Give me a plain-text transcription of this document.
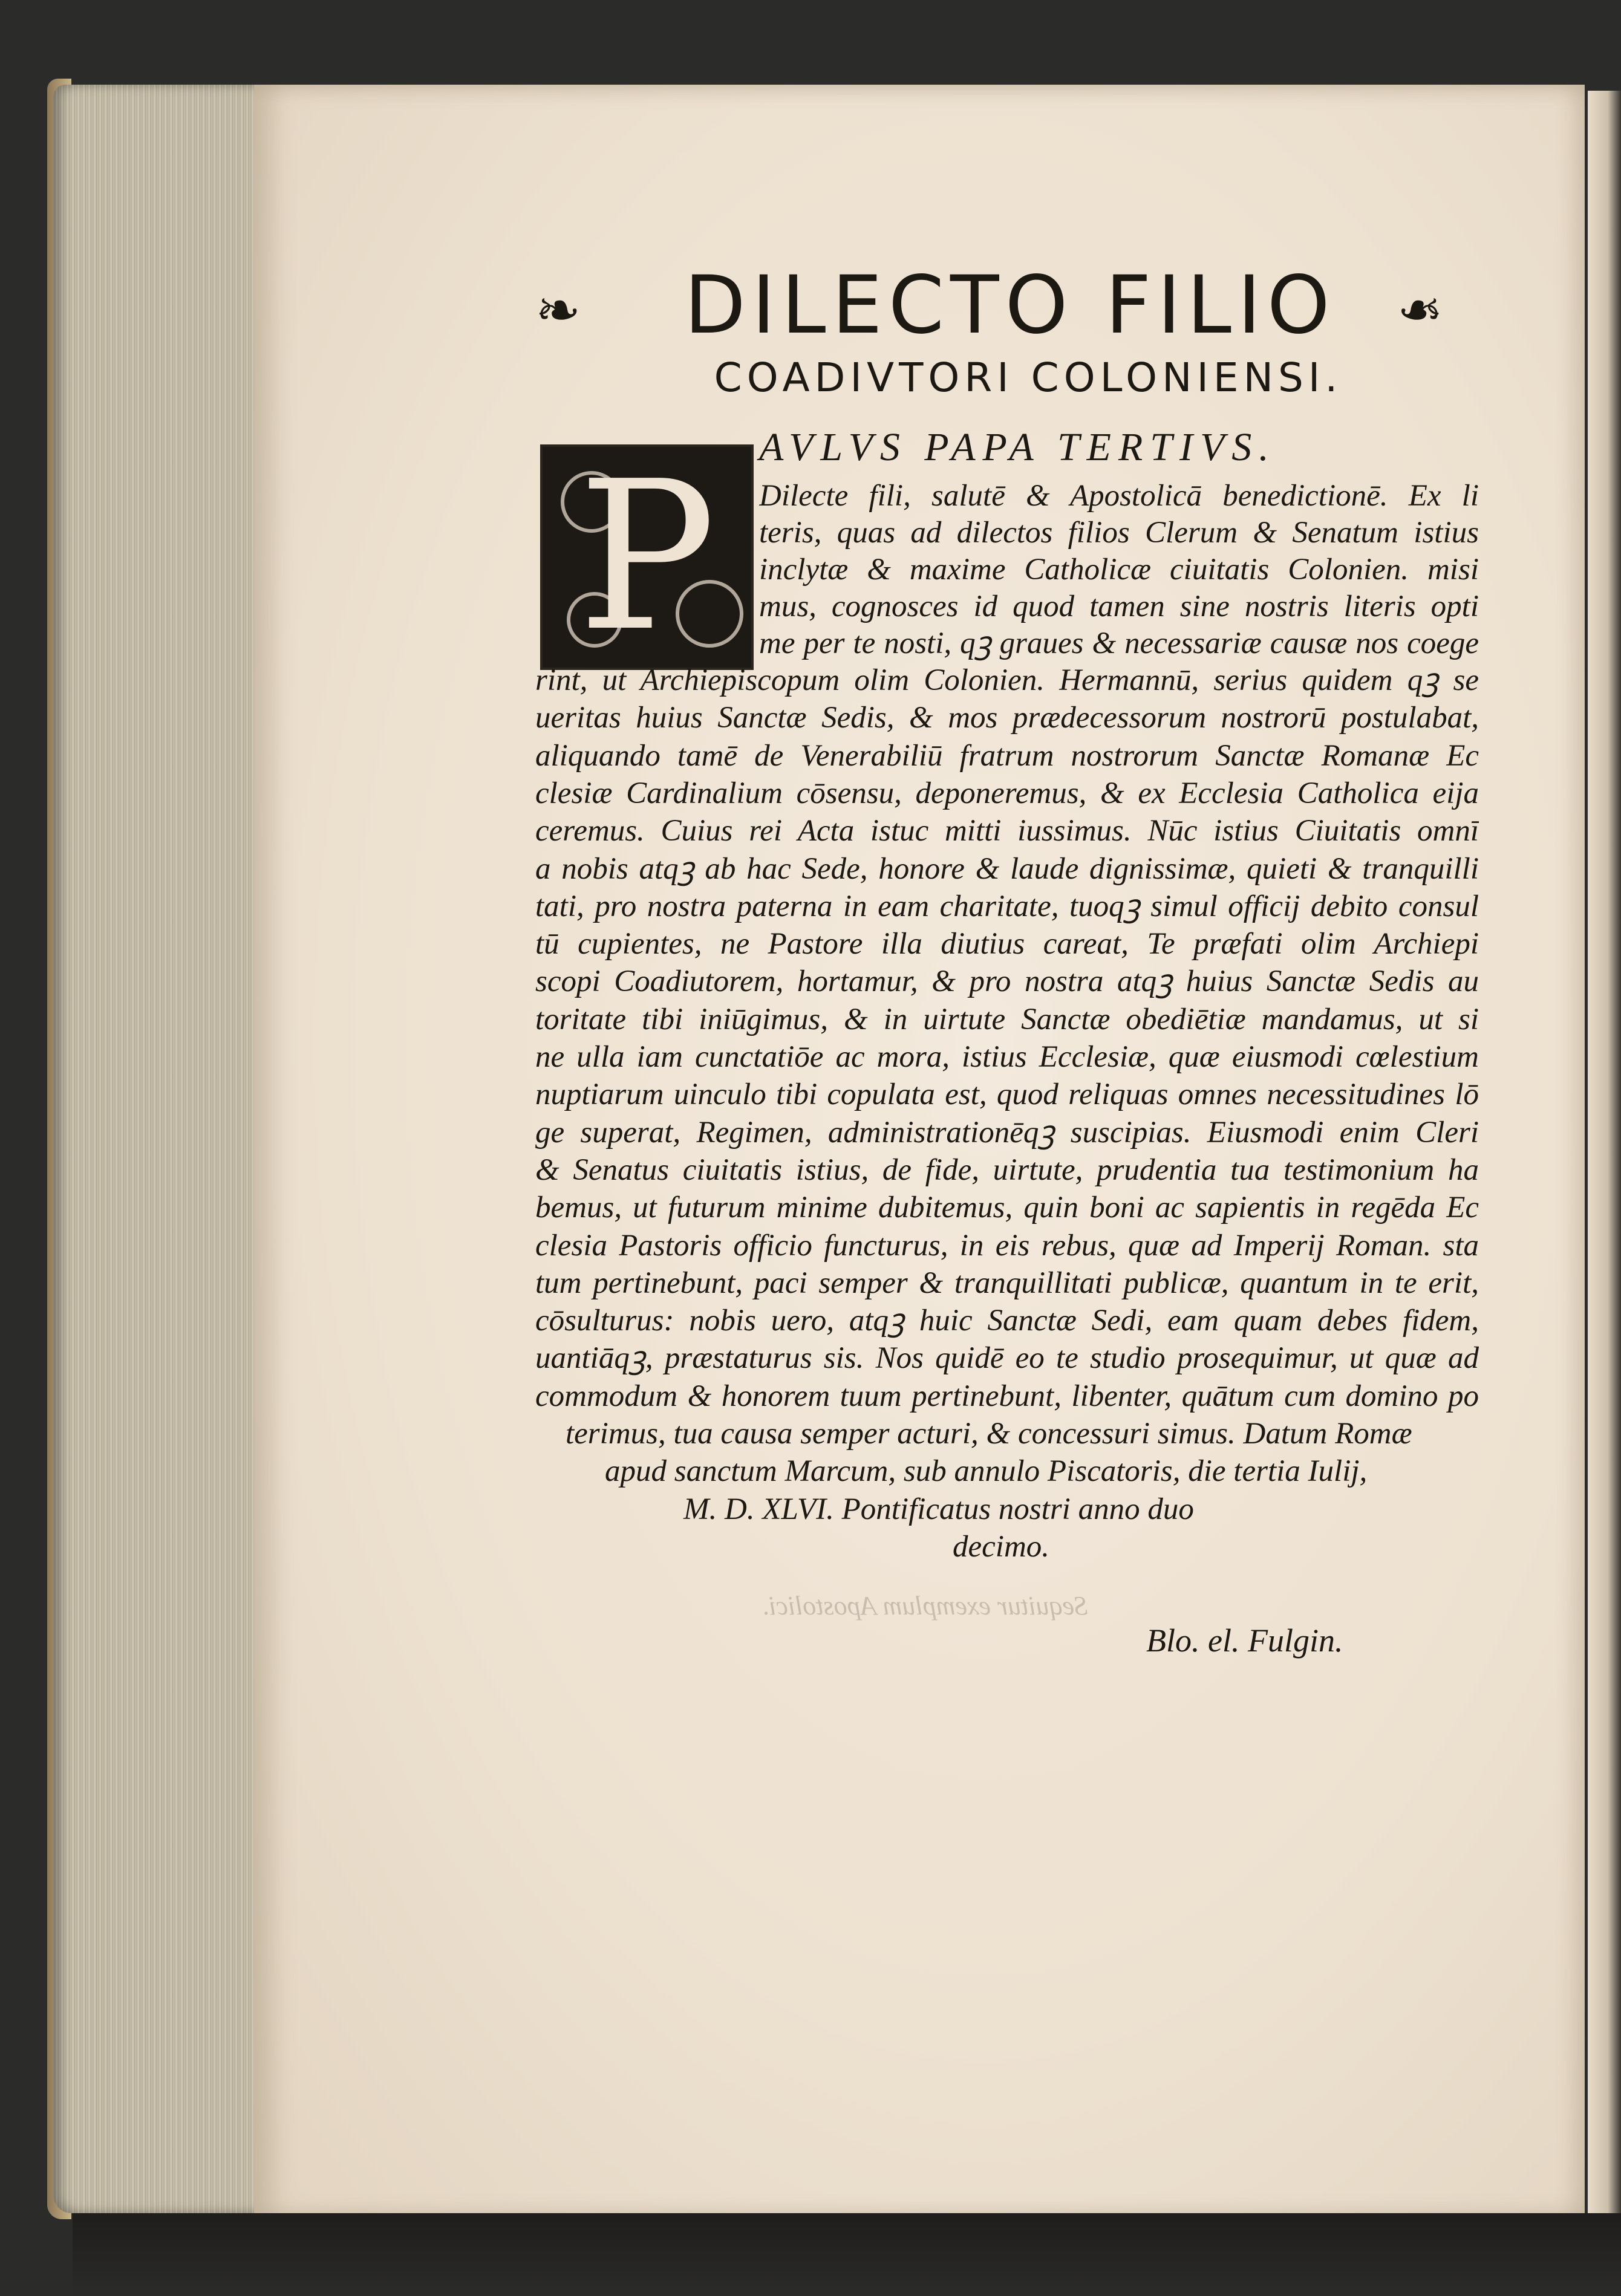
❧	DILECTO FILIO	❧
COADIVTORI COLONIENSI.
P	AVLVS PAPA TERTIVS.
Dilecte fili, salutē & Apostolicā benedictionē. Ex li
teris, quas ad dilectos filios Clerum & Senatum istius
inclytæ & maxime Catholicæ ciuitatis Colonien. misi
mus, cognosces id quod tamen sine nostris literis opti
me per te nosti, qꝫ graues & necessariæ causæ nos coege
rint, ut Archiepiscopum olim Colonien. Hermannū, serius quidem qꝫ se
ueritas huius Sanctæ Sedis, & mos prædecessorum nostrorū postulabat,
aliquando tamē de Venerabiliū fratrum nostrorum Sanctæ Romanæ Ec
clesiæ Cardinalium cōsensu, deponeremus, & ex Ecclesia Catholica eija
ceremus. Cuius rei Acta istuc mitti iussimus. Nūc istius Ciuitatis omnī
a nobis atqꝫ ab hac Sede, honore & laude dignissimæ, quieti & tranquilli
tati, pro nostra paterna in eam charitate, tuoqꝫ simul officij debito consul
tū cupientes, ne Pastore illa diutius careat, Te præfati olim Archiepi
scopi Coadiutorem, hortamur, & pro nostra atqꝫ huius Sanctæ Sedis au
toritate tibi iniūgimus, & in uirtute Sanctæ obediētiæ mandamus, ut si
ne ulla iam cunctatiōe ac mora, istius Ecclesiæ, quæ eiusmodi cœlestium
nuptiarum uinculo tibi copulata est, quod reliquas omnes necessitudines lō
ge superat, Regimen, administrationēqꝫ suscipias. Eiusmodi enim Cleri
& Senatus ciuitatis istius, de fide, uirtute, prudentia tua testimonium ha
bemus, ut futurum minime dubitemus, quin boni ac sapientis in regēda Ec
clesia Pastoris officio functurus, in eis rebus, quæ ad Imperij Roman. sta
tum pertinebunt, paci semper & tranquillitati publicæ, quantum in te erit,
cōsulturus: nobis uero, atqꝫ huic Sanctæ Sedi, eam quam debes fidem,
uantiāqꝫ, præstaturus sis. Nos quidē eo te studio prosequimur, ut quæ ad
commodum & honorem tuum pertinebunt, libenter, quātum cum domino po
terimus, tua causa semper acturi, & concessuri simus. Datum Romæ
apud sanctum Marcum, sub annulo Piscatoris, die tertia Iulij,
M. D. XLVI. Pontificatus nostri anno duo
decimo.
Sequitur exemplum Apostolici.
Blo. el. Fulgin.
